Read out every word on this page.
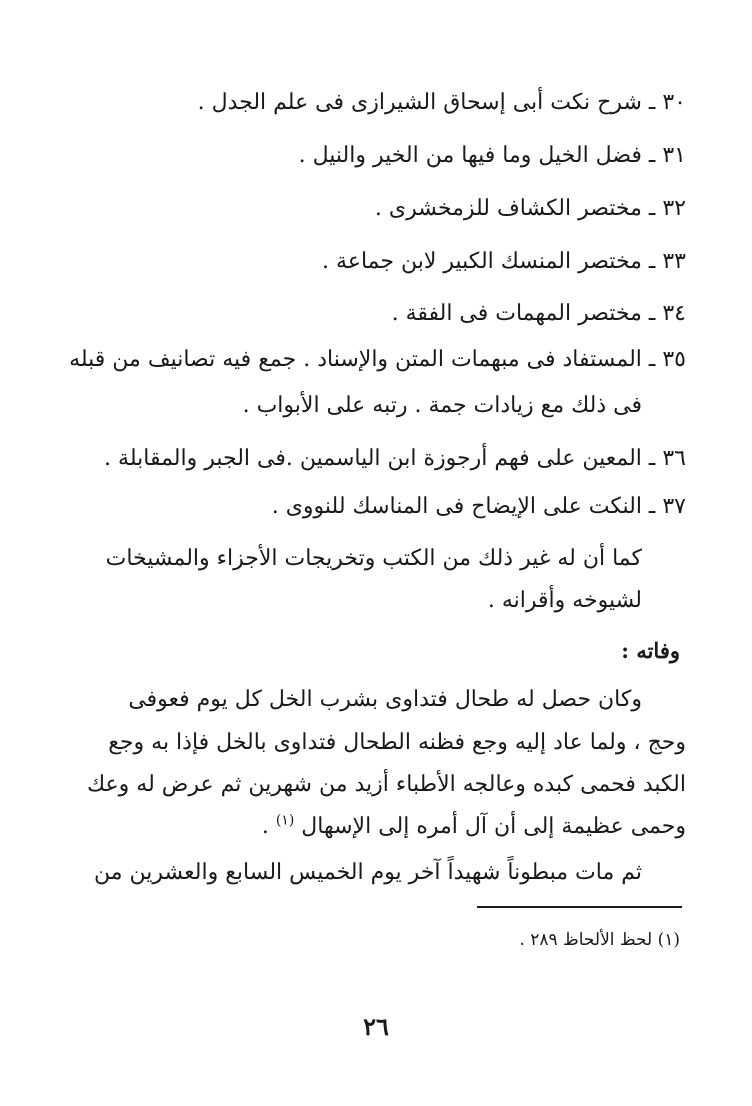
٣٠ ـ شرح نكت أبى إسحاق الشيرازى فى علم الجدل .
٣١ ـ فضل الخيل وما فيها من الخير والنيل .
٣٢ ـ مختصر الكشاف للزمخشرى .
٣٣ ـ مختصر المنسك الكبير لابن جماعة .
٣٤ ـ مختصر المهمات فى الفقة .
٣٥ ـ المستفاد فى مبهمات المتن والإسناد . جمع فيه تصانيف من قبله
فى ذلك مع زيادات جمة . رتبه على الأبواب .
٣٦ ـ المعين على فهم أرجوزة ابن الياسمين .فى الجبر والمقابلة .
٣٧ ـ النكت على الإيضاح فى المناسك للنووى .
كما أن له غير ذلك من الكتب وتخريجات الأجزاء والمشيخات
لشيوخه وأقرانه .
وفاته :
وكان حصل له طحال فتداوى بشرب الخل كل يوم فعوفى
وحج ، ولما عاد إليه وجع فظنه الطحال فتداوى بالخل فإذا به وجع
الكبد فحمى كبده وعالجه الأطباء أزيد من شهرين ثم عرض له وعك
وحمى عظيمة إلى أن آل أمره إلى الإسهال $^{(١)}$ .
ثم مات مبطوناً شهيداً آخر يوم الخميس السابع والعشرين من
(١) لحظ الألحاظ ٢٨٩ .
٢٦
